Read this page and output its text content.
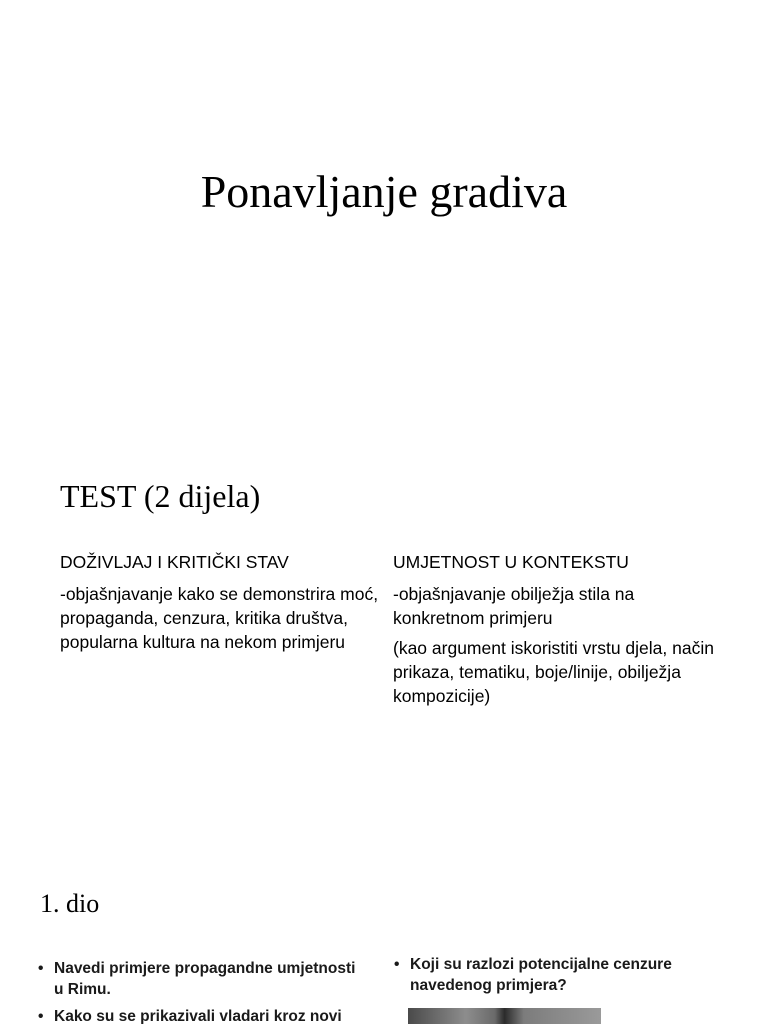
Ponavljanje gradiva
TEST (2 dijela)

DOŽIVLJAJ I KRITIČKI STAV

-objašnjavanje kako se demonstrira moć, propaganda, cenzura, kritika društva, popularna kultura na nekom primjeru

UMJETNOST U KONTEKSTU

-objašnjavanje obilježja stila na konkretnom primjeru

(kao argument iskoristiti vrstu djela, način prikaza, tematiku, boje/linije, obilježja kompozicije)

1. dio
• Navedi primjere propagandne umjetnosti u Rimu.
• Kako su se prikazivali vladari kroz novi
• Koji su razlozi potencijalne cenzure navedenog primjera?
